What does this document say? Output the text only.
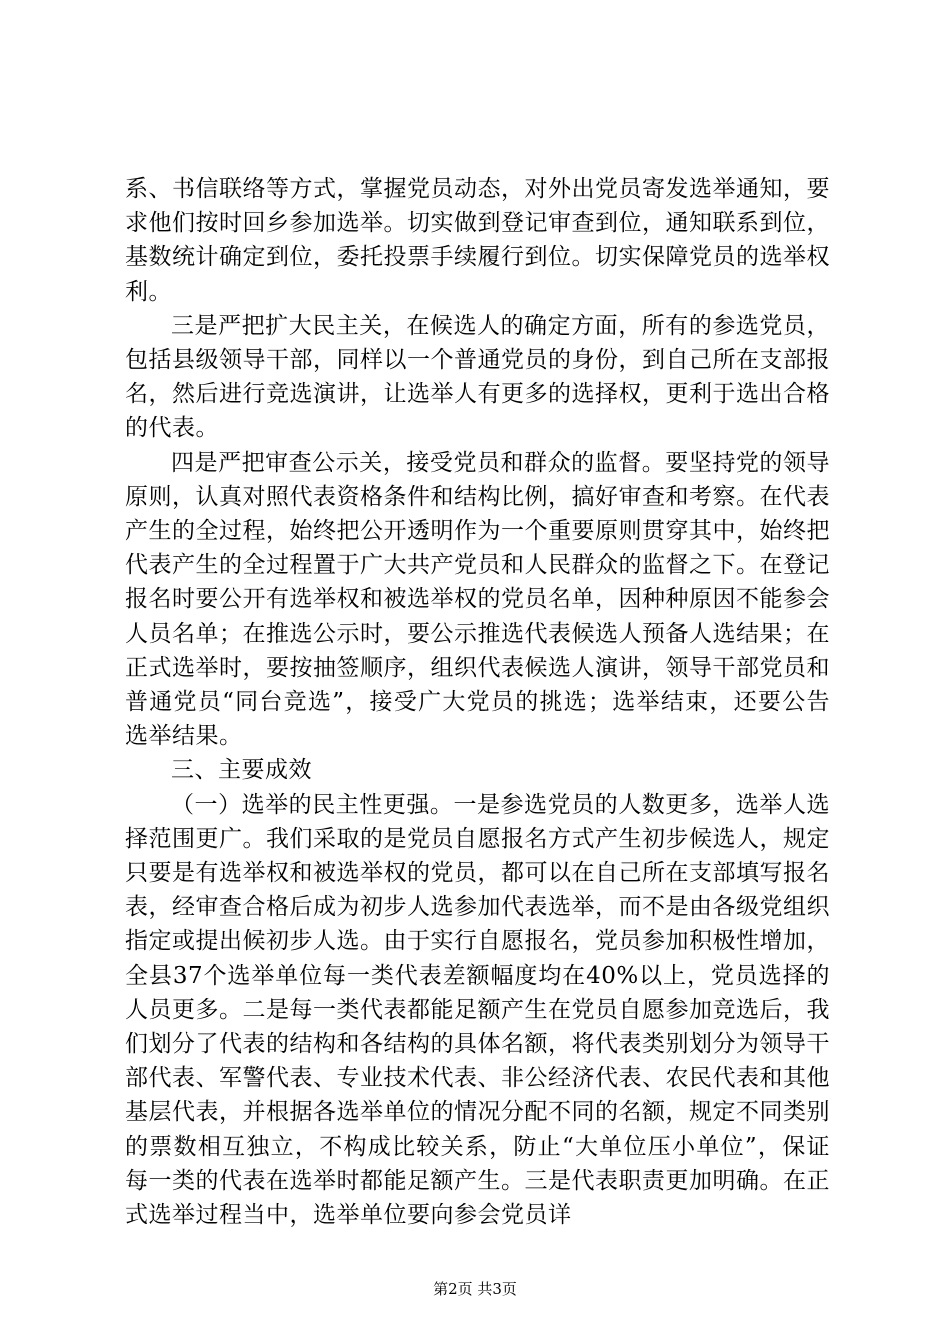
系、书信联络等方式，掌握党员动态，对外出党员寄发选举通知，要求他们按时回乡参加选举。切实做到登记审查到位，通知联系到位，基数统计确定到位，委托投票手续履行到位。切实保障党员的选举权利。

三是严把扩大民主关，在候选人的确定方面，所有的参选党员，包括县级领导干部，同样以一个普通党员的身份，到自己所在支部报名，然后进行竞选演讲，让选举人有更多的选择权，更利于选出合格的代表。

四是严把审查公示关，接受党员和群众的监督。要坚持党的领导原则，认真对照代表资格条件和结构比例，搞好审查和考察。在代表产生的全过程，始终把公开透明作为一个重要原则贯穿其中，始终把代表产生的全过程置于广大共产党员和人民群众的监督之下。在登记报名时要公开有选举权和被选举权的党员名单，因种种原因不能参会人员名单；在推选公示时，要公示推选代表候选人预备人选结果；在正式选举时，要按抽签顺序，组织代表候选人演讲，领导干部党员和普通党员“同台竞选”，接受广大党员的挑选；选举结束，还要公告选举结果。

三、主要成效

（一）选举的民主性更强。一是参选党员的人数更多，选举人选择范围更广。我们采取的是党员自愿报名方式产生初步候选人，规定只要是有选举权和被选举权的党员，都可以在自己所在支部填写报名表，经审查合格后成为初步人选参加代表选举，而不是由各级党组织指定或提出候初步人选。由于实行自愿报名，党员参加积极性增加，全县37个选举单位每一类代表差额幅度均在40%以上，党员选择的人员更多。二是每一类代表都能足额产生在党员自愿参加竞选后，我们划分了代表的结构和各结构的具体名额，将代表类别划分为领导干部代表、军警代表、专业技术代表、非公经济代表、农民代表和其他基层代表，并根据各选举单位的情况分配不同的名额，规定不同类别的票数相互独立，不构成比较关系，防止“大单位压小单位”，保证每一类的代表在选举时都能足额产生。三是代表职责更加明确。在正式选举过程当中，选举单位要向参会党员详

第2页 共3页
